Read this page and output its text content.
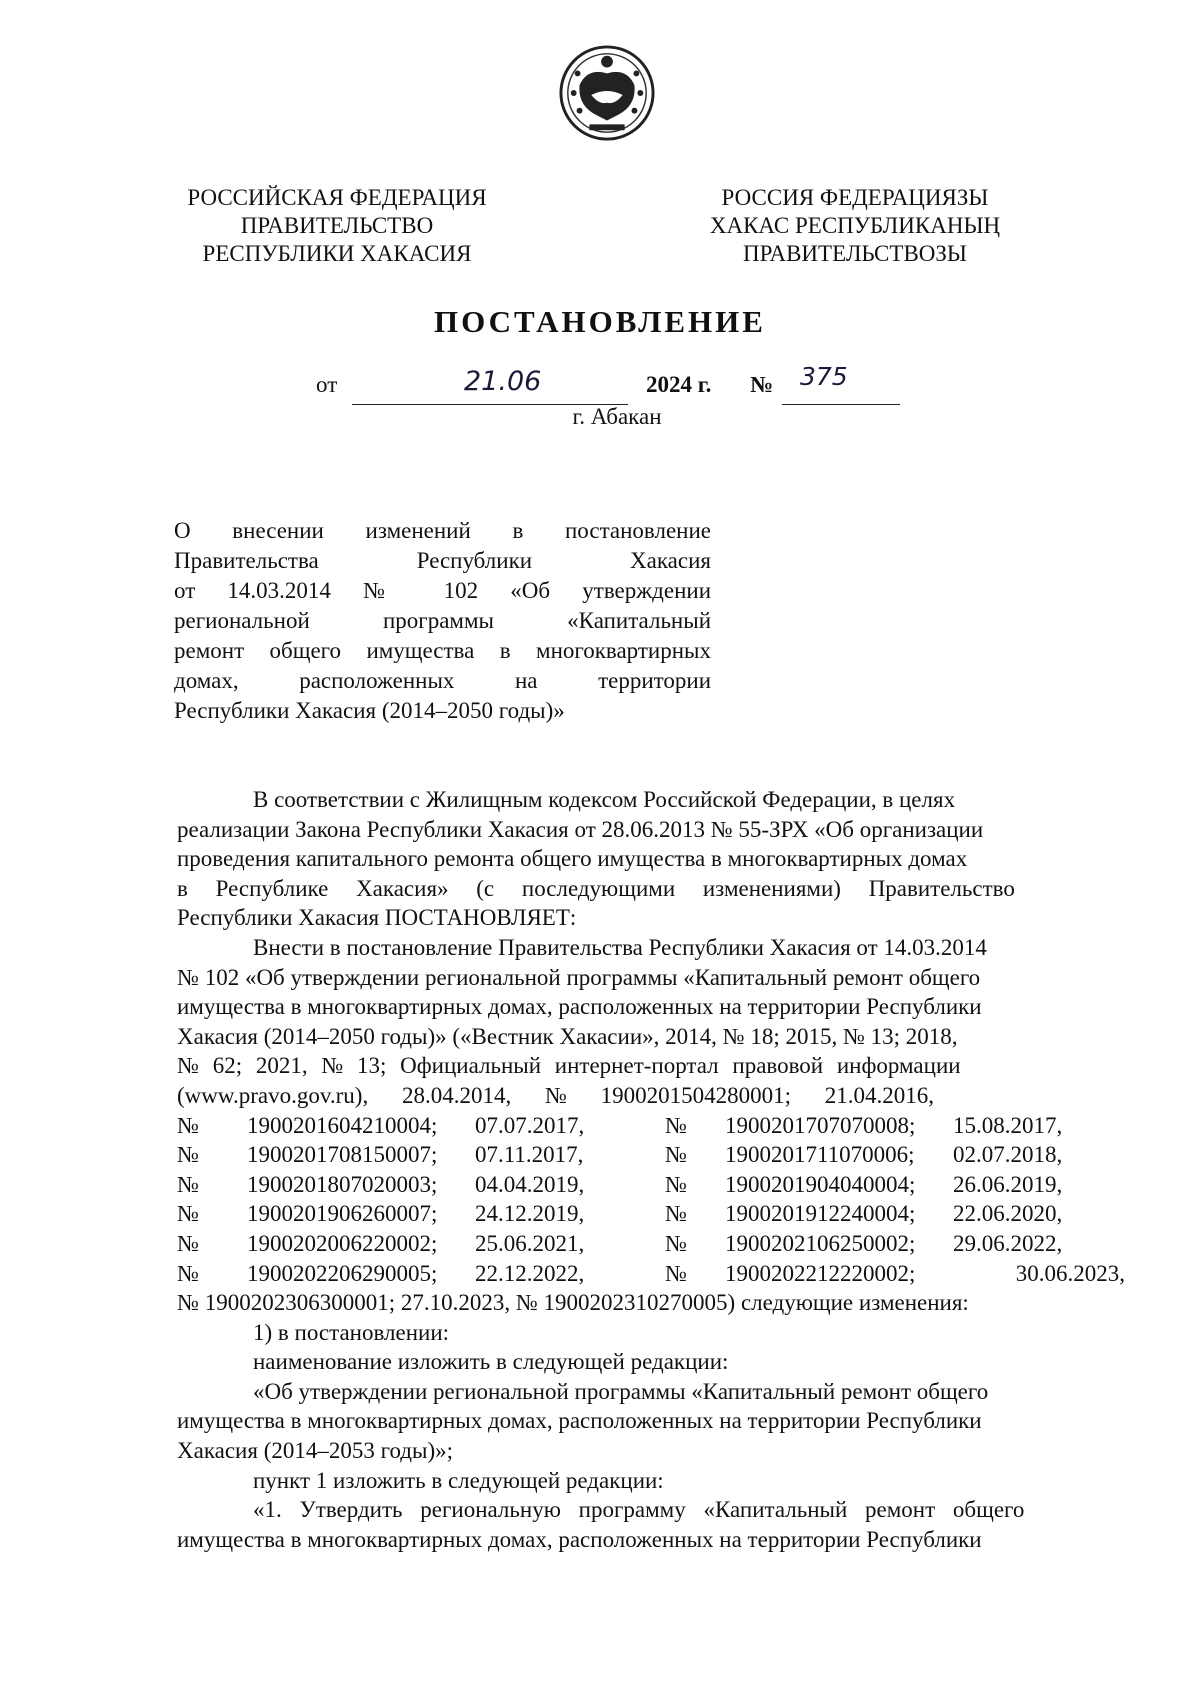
РОССИЙСКАЯ ФЕДЕРАЦИЯ
ПРАВИТЕЛЬСТВО
РЕСПУБЛИКИ ХАКАСИЯ
РОССИЯ ФЕДЕРАЦИЯЗЫ
ХАКАС РЕСПУБЛИКАНЫҢ
ПРАВИТЕЛЬСТВОЗЫ
ПОСТАНОВЛЕНИЕ
от	21.06	2024 г. № 375
г. Абакан
О внесении изменений в постановление
Правительства Республики Хакасия
от 14.03.2014 № 102 «Об утверждении
региональной программы «Капитальный
ремонт общего имущества в многоквартирных
домах, расположенных на территории
Республики Хакасия (2014–2050 годы)»
В соответствии с Жилищным кодексом Российской Федерации, в целях
реализации Закона Республики Хакасия от 28.06.2013 № 55-ЗРХ «Об организации
проведения капитального ремонта общего имущества в многоквартирных домах
в Республике Хакасия» (с последующими изменениями) Правительство
Республики Хакасия ПОСТАНОВЛЯЕТ:
Внести в постановление Правительства Республики Хакасия от 14.03.2014
№ 102 «Об утверждении региональной программы «Капитальный ремонт общего
имущества в многоквартирных домах, расположенных на территории Республики
Хакасия (2014–2050 годы)» («Вестник Хакасии», 2014, № 18; 2015, № 13; 2018,
№ 62; 2021, № 13; Официальный интернет-портал правовой информации
(www.pravo.gov.ru), 28.04.2014, № 1900201504280001; 21.04.2016,
№	1900201604210004;	07.07.2017,	№	1900201707070008;	15.08.2017,
№	1900201708150007;	07.11.2017,	№	1900201711070006;	02.07.2018,
№	1900201807020003;	04.04.2019,	№	1900201904040004;	26.06.2019,
№	1900201906260007;	24.12.2019,	№	1900201912240004;	22.06.2020,
№	1900202006220002;	25.06.2021,	№	1900202106250002;	29.06.2022,
№	1900202206290005;	22.12.2022,	№	1900202212220002;	30.06.2023,
№ 1900202306300001; 27.10.2023, № 1900202310270005) следующие изменения:
1) в постановлении:
наименование изложить в следующей редакции:
«Об утверждении региональной программы «Капитальный ремонт общего
имущества в многоквартирных домах, расположенных на территории Республики
Хакасия (2014–2053 годы)»;
пункт 1 изложить в следующей редакции:
«1. Утвердить региональную программу «Капитальный ремонт общего
имущества в многоквартирных домах, расположенных на территории Республики
